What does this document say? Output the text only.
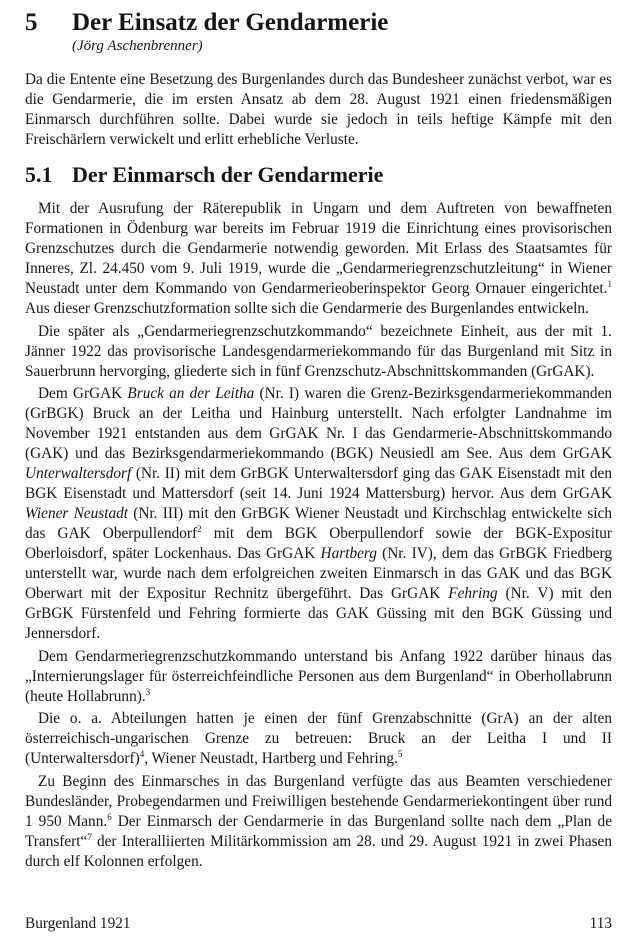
5 Der Einsatz der Gendarmerie
(Jörg Aschenbrenner)

Da die Entente eine Besetzung des Burgenlandes durch das Bundesheer zunächst verbot, war es die Gendarmerie, die im ersten Ansatz ab dem 28. August 1921 einen friedensmäßigen Einmarsch durchführen sollte. Dabei wurde sie jedoch in teils heftige Kämpfe mit den Freischärlern verwickelt und erlitt erhebliche Verluste.

5.1 Der Einmarsch der Gendarmerie

Mit der Ausrufung der Räterepublik in Ungarn und dem Auftreten von bewaffneten Formationen in Ödenburg war bereits im Februar 1919 die Einrichtung eines provisorischen Grenzschutzes durch die Gendarmerie notwendig geworden. Mit Erlass des Staatsamtes für Inneres, Zl. 24.450 vom 9. Juli 1919, wurde die „Gendarmeriegrenzschutzleitung“ in Wiener Neustadt unter dem Kommando von Gendarmerieoberinspektor Georg Ornauer eingerichtet.$^1$ Aus dieser Grenzschutzformation sollte sich die Gendarmerie des Burgenlandes entwickeln.

Die später als „Gendarmeriegrenzschutzkommando“ bezeichnete Einheit, aus der mit 1. Jänner 1922 das provisorische Landesgendarmeriekommando für das Burgenland mit Sitz in Sauerbrunn hervorging, gliederte sich in fünf Grenzschutz-Abschnittskommanden (GrGAK).

Dem GrGAK Bruck an der Leitha (Nr. I) waren die Grenz-Bezirksgendarmeriekommanden (GrBGK) Bruck an der Leitha und Hainburg unterstellt. Nach erfolgter Landnahme im November 1921 entstanden aus dem GrGAK Nr. I das Gendarmerie-Abschnittskommando (GAK) und das Bezirksgendarmeriekommando (BGK) Neusiedl am See. Aus dem GrGAK Unterwaltersdorf (Nr. II) mit dem GrBGK Unterwaltersdorf ging das GAK Eisenstadt mit den BGK Eisenstadt und Mattersdorf (seit 14. Juni 1924 Mattersburg) hervor. Aus dem GrGAK Wiener Neustadt (Nr. III) mit den GrBGK Wiener Neustadt und Kirchschlag entwickelte sich das GAK Oberpullendorf$^2$ mit dem BGK Oberpullendorf sowie der BGK-Expositur Oberloisdorf, später Lockenhaus. Das GrGAK Hartberg (Nr. IV), dem das GrBGK Friedberg unterstellt war, wurde nach dem erfolgreichen zweiten Einmarsch in das GAK und das BGK Oberwart mit der Expositur Rechnitz übergeführt. Das GrGAK Fehring (Nr. V) mit den GrBGK Fürstenfeld und Fehring formierte das GAK Güssing mit den BGK Güssing und Jennersdorf.

Dem Gendarmeriegrenzschutzkommando unterstand bis Anfang 1922 darüber hinaus das „Internierungslager für österreichfeindliche Personen aus dem Burgenland“ in Oberhollabrunn (heute Hollabrunn).$^3$

Die o. a. Abteilungen hatten je einen der fünf Grenzabschnitte (GrA) an der alten österreichisch-ungarischen Grenze zu betreuen: Bruck an der Leitha I und II (Unterwaltersdorf)$^4$, Wiener Neustadt, Hartberg und Fehring.$^5$

Zu Beginn des Einmarsches in das Burgenland verfügte das aus Beamten verschiedener Bundesländer, Probegendarmen und Freiwilligen bestehende Gendarmeriekontingent über rund 1 950 Mann.$^6$ Der Einmarsch der Gendarmerie in das Burgenland sollte nach dem „Plan de Transfert“$^7$ der Interalliierten Militärkommission am 28. und 29. August 1921 in zwei Phasen durch elf Kolonnen erfolgen.

Burgenland 1921	113
